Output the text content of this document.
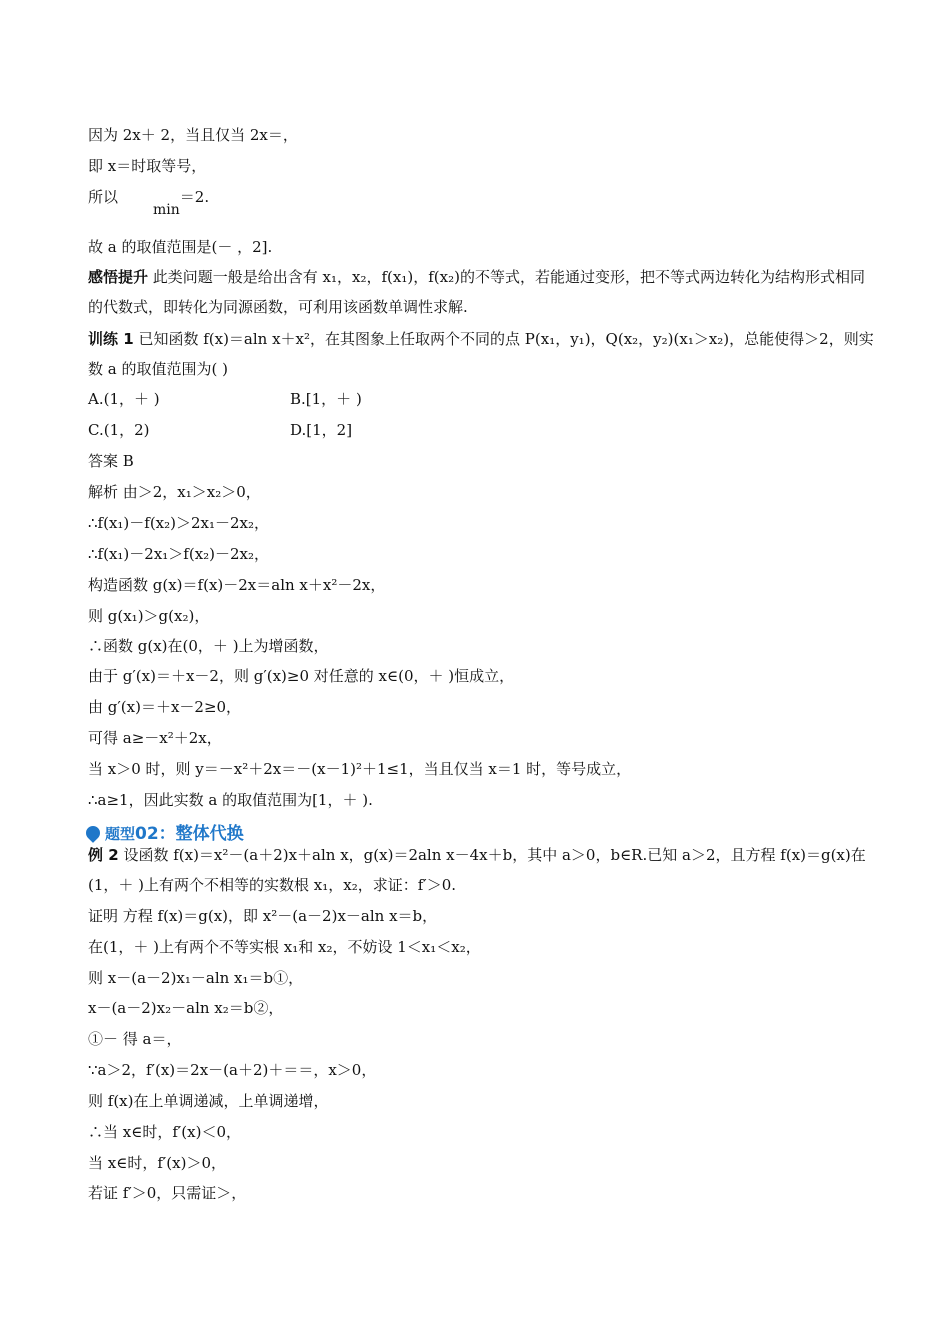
因为 2x＋ 2，当且仅当 2x＝，
即 x＝时取等号，
所以min＝2.
故 a 的取值范围是(－ ，2].
感悟提升 此类问题一般是给出含有 x₁，x₂，f(x₁)，f(x₂)的不等式，若能通过变形，把不等式两边转化为结构形式相同的代数式，即转化为同源函数，可利用该函数单调性求解.
训练 1 已知函数 f(x)＝aln x＋x²，在其图象上任取两个不同的点 P(x₁，y₁)，Q(x₂，y₂)(x₁＞x₂)，总能使得＞2，则实数 a 的取值范围为( )
A.(1，＋ )	B.[1，＋ )
C.(1，2)	D.[1，2]
答案 B
解析 由＞2，x₁＞x₂＞0，
∴f(x₁)－f(x₂)＞2x₁－2x₂，
∴f(x₁)－2x₁＞f(x₂)－2x₂，
构造函数 g(x)＝f(x)－2x＝aln x＋x²－2x，
则 g(x₁)＞g(x₂)，
∴函数 g(x)在(0，＋ )上为增函数，
由于 g′(x)＝＋x－2，则 g′(x)≥0 对任意的 x∈(0，＋ )恒成立，
由 g′(x)＝＋x－2≥0，
可得 a≥－x²＋2x，
当 x＞0 时，则 y＝－x²＋2x＝－(x－1)²＋1≤1，当且仅当 x＝1 时，等号成立，
∴a≥1，因此实数 a 的取值范围为[1，＋ ).
题型 02：整体代换
例 2 设函数 f(x)＝x²－(a＋2)x＋aln x，g(x)＝2aln x－4x＋b，其中 a＞0，b∈R.已知 a＞2，且方程 f(x)＝g(x)在(1，＋ )上有两个不相等的实数根 x₁，x₂，求证：f′＞0.
证明 方程 f(x)＝g(x)，即 x²－(a－2)x－aln x＝b，
在(1，＋ )上有两个不等实根 x₁和 x₂，不妨设 1＜x₁＜x₂，
则 x－(a－2)x₁－aln x₁＝b①，
x－(a－2)x₂－aln x₂＝b②，
①－ 得 a＝，
∵a＞2，f′(x)＝2x－(a＋2)＋＝＝，x＞0，
则 f(x)在上单调递减，上单调递增，
∴当 x∈时，f′(x)＜0，
当 x∈时，f′(x)＞0，
若证 f′＞0，只需证＞，
